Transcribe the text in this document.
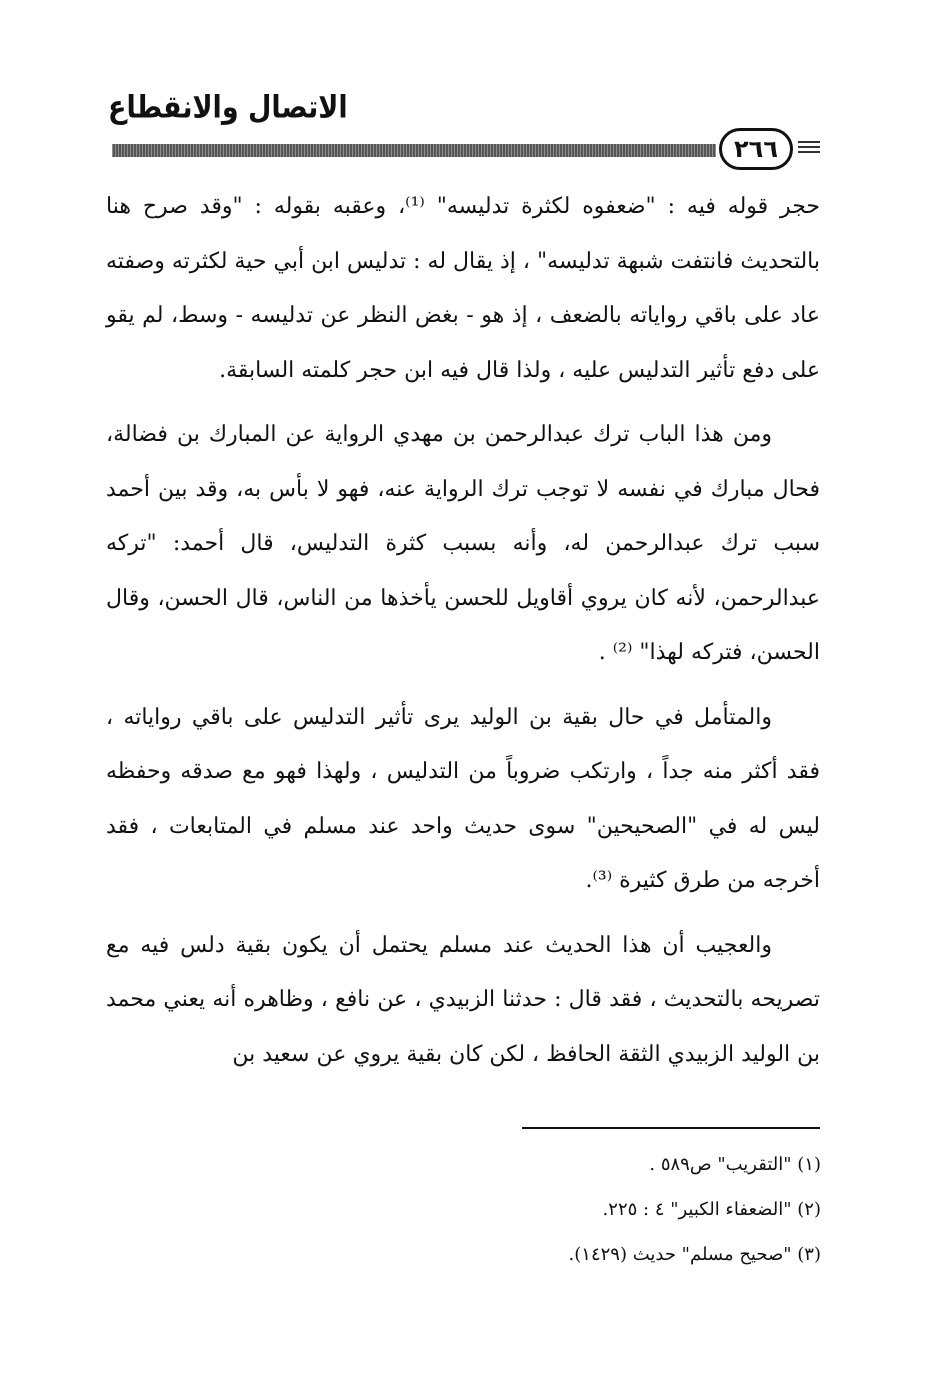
الاتصال والانقطاع
٢٦٦

حجر قوله فيه : "ضعفوه لكثرة تدليسه" ⁽¹⁾، وعقبه بقوله : "وقد صرح هنا بالتحديث فانتفت شبهة تدليسه" ، إذ يقال له : تدليس ابن أبي حية لكثرته وصفته عاد على باقي رواياته بالضعف ، إذ هو - بغض النظر عن تدليسه - وسط، لم يقو على دفع تأثير التدليس عليه ، ولذا قال فيه ابن حجر كلمته السابقة.

ومن هذا الباب ترك عبدالرحمن بن مهدي الرواية عن المبارك بن فضالة، فحال مبارك في نفسه لا توجب ترك الرواية عنه، فهو لا بأس به، وقد بين أحمد سبب ترك عبدالرحمن له، وأنه بسبب كثرة التدليس، قال أحمد: "تركه عبدالرحمن، لأنه كان يروي أقاويل للحسن يأخذها من الناس، قال الحسن، وقال الحسن، فتركه لهذا" ⁽²⁾ .

والمتأمل في حال بقية بن الوليد يرى تأثير التدليس على باقي رواياته ، فقد أكثر منه جداً ، وارتكب ضروباً من التدليس ، ولهذا فهو مع صدقه وحفظه ليس له في "الصحيحين" سوى حديث واحد عند مسلم في المتابعات ، فقد أخرجه من طرق كثيرة ⁽³⁾.

والعجيب أن هذا الحديث عند مسلم يحتمل أن يكون بقية دلس فيه مع تصريحه بالتحديث ، فقد قال : حدثنا الزبيدي ، عن نافع ، وظاهره أنه يعني محمد بن الوليد الزبيدي الثقة الحافظ ، لكن كان بقية يروي عن سعيد بن

(١) "التقريب" ص٥٨٩ .
(٢) "الضعفاء الكبير" ٤ : ٢٢٥.
(٣) "صحيح مسلم" حديث (١٤٢٩).
